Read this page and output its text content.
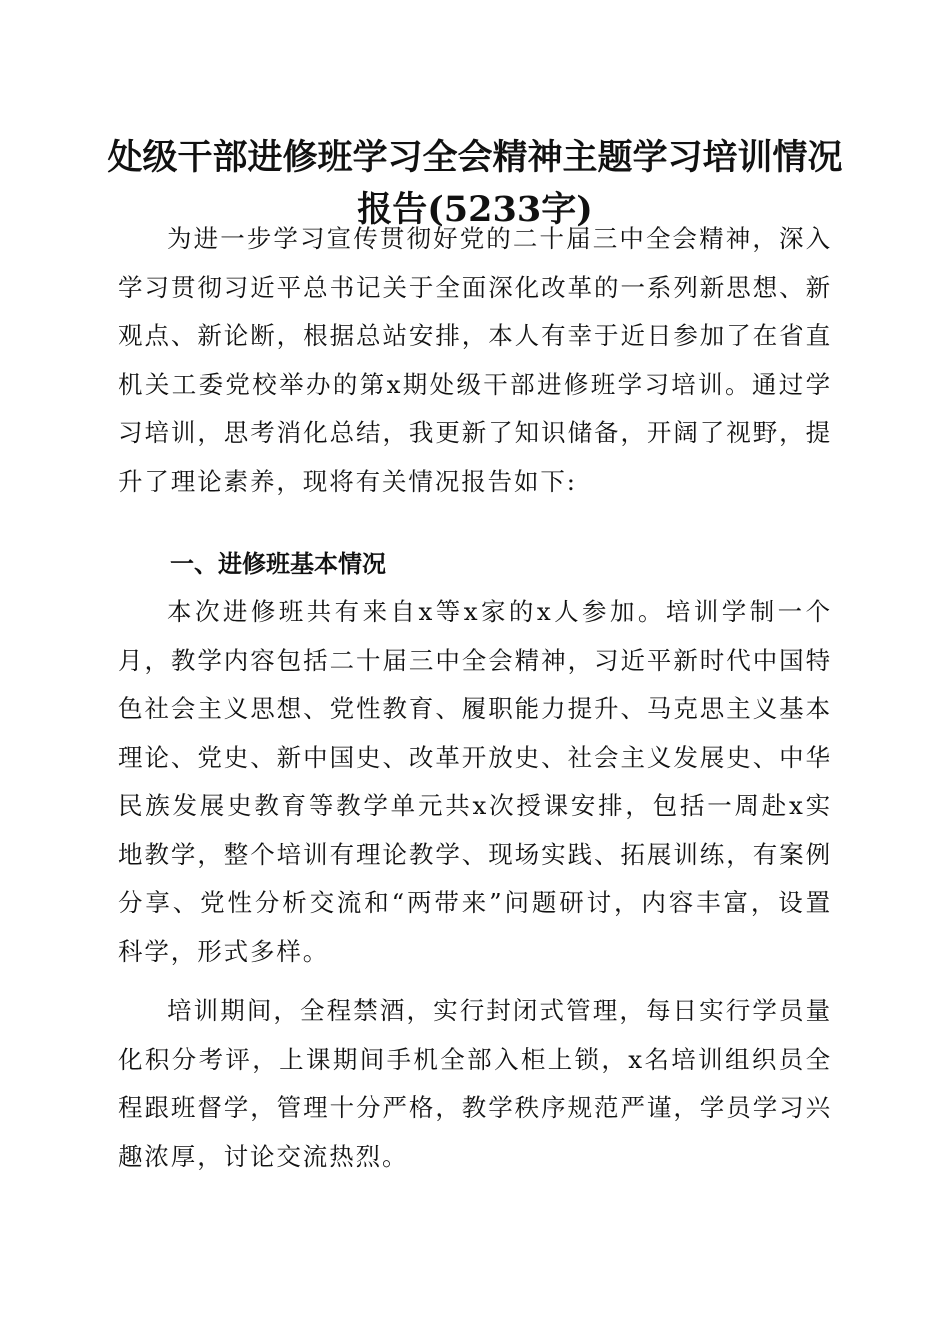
处级干部进修班学习全会精神主题学习培训情况报告(5233字)

为进一步学习宣传贯彻好党的二十届三中全会精神，深入学习贯彻习近平总书记关于全面深化改革的一系列新思想、新观点、新论断，根据总站安排，本人有幸于近日参加了在省直机关工委党校举办的第x期处级干部进修班学习培训。通过学习培训，思考消化总结，我更新了知识储备，开阔了视野，提升了理论素养，现将有关情况报告如下:

一、进修班基本情况

本次进修班共有来自x等x家的x人参加。培训学制一个月，教学内容包括二十届三中全会精神，习近平新时代中国特色社会主义思想、党性教育、履职能力提升、马克思主义基本理论、党史、新中国史、改革开放史、社会主义发展史、中华民族发展史教育等教学单元共x次授课安排，包括一周赴x实地教学，整个培训有理论教学、现场实践、拓展训练，有案例分享、党性分析交流和“两带来”问题研讨，内容丰富，设置科学，形式多样。

培训期间，全程禁酒，实行封闭式管理，每日实行学员量化积分考评，上课期间手机全部入柜上锁，x名培训组织员全程跟班督学，管理十分严格，教学秩序规范严谨，学员学习兴趣浓厚，讨论交流热烈。
